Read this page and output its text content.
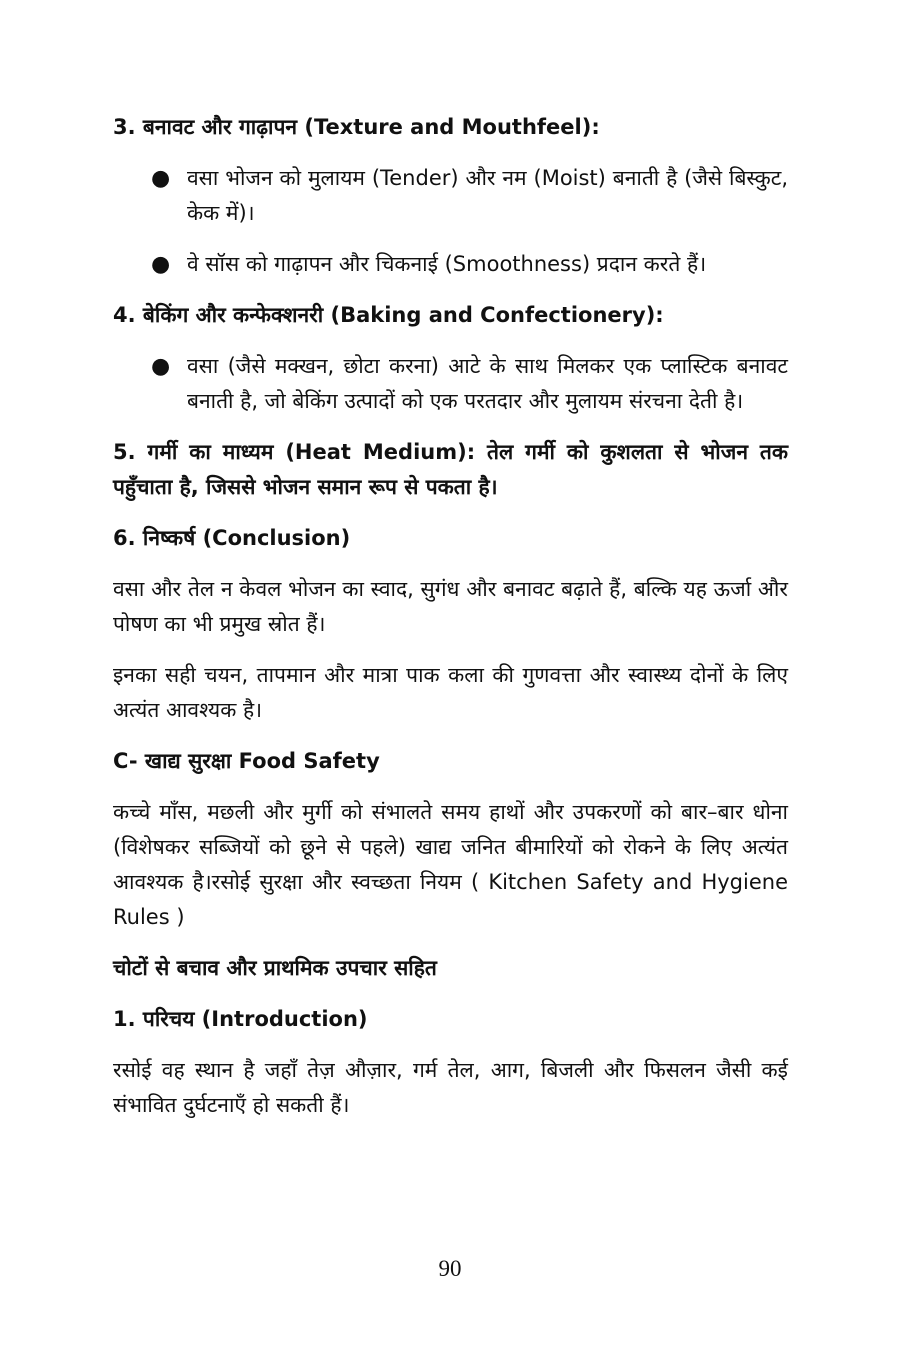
3. बनावट और गाढ़ापन (Texture and Mouthfeel):
● वसा भोजन को मुलायम (Tender) और नम (Moist) बनाती है (जैसे बिस्कुट, केक में)।
● वे सॉस को गाढ़ापन और चिकनाई (Smoothness) प्रदान करते हैं।
4. बेकिंग और कन्फेक्शनरी (Baking and Confectionery):
● वसा (जैसे मक्खन, छोटा करना) आटे के साथ मिलकर एक प्लास्टिक बनावट बनाती है, जो बेकिंग उत्पादों को एक परतदार और मुलायम संरचना देती है।
5. गर्मी का माध्यम (Heat Medium): तेल गर्मी को कुशलता से भोजन तक पहुँचाता है, जिससे भोजन समान रूप से पकता है।
6. निष्कर्ष (Conclusion)
वसा और तेल न केवल भोजन का स्वाद, सुगंध और बनावट बढ़ाते हैं, बल्कि यह ऊर्जा और पोषण का भी प्रमुख स्रोत हैं।
इनका सही चयन, तापमान और मात्रा पाक कला की गुणवत्ता और स्वास्थ्य दोनों के लिए अत्यंत आवश्यक है।
C- खाद्य सुरक्षा Food Safety
कच्चे माँस, मछली और मुर्गी को संभालते समय हाथों और उपकरणों को बार–बार धोना (विशेषकर सब्जियों को छूने से पहले) खाद्य जनित बीमारियों को रोकने के लिए अत्यंत आवश्यक है।रसोई सुरक्षा और स्वच्छता नियम ( Kitchen Safety and Hygiene Rules )
चोटों से बचाव और प्राथमिक उपचार सहित
1. परिचय (Introduction)
रसोई वह स्थान है जहाँ तेज़ औज़ार, गर्म तेल, आग, बिजली और फिसलन जैसी कई संभावित दुर्घटनाएँ हो सकती हैं।
90
